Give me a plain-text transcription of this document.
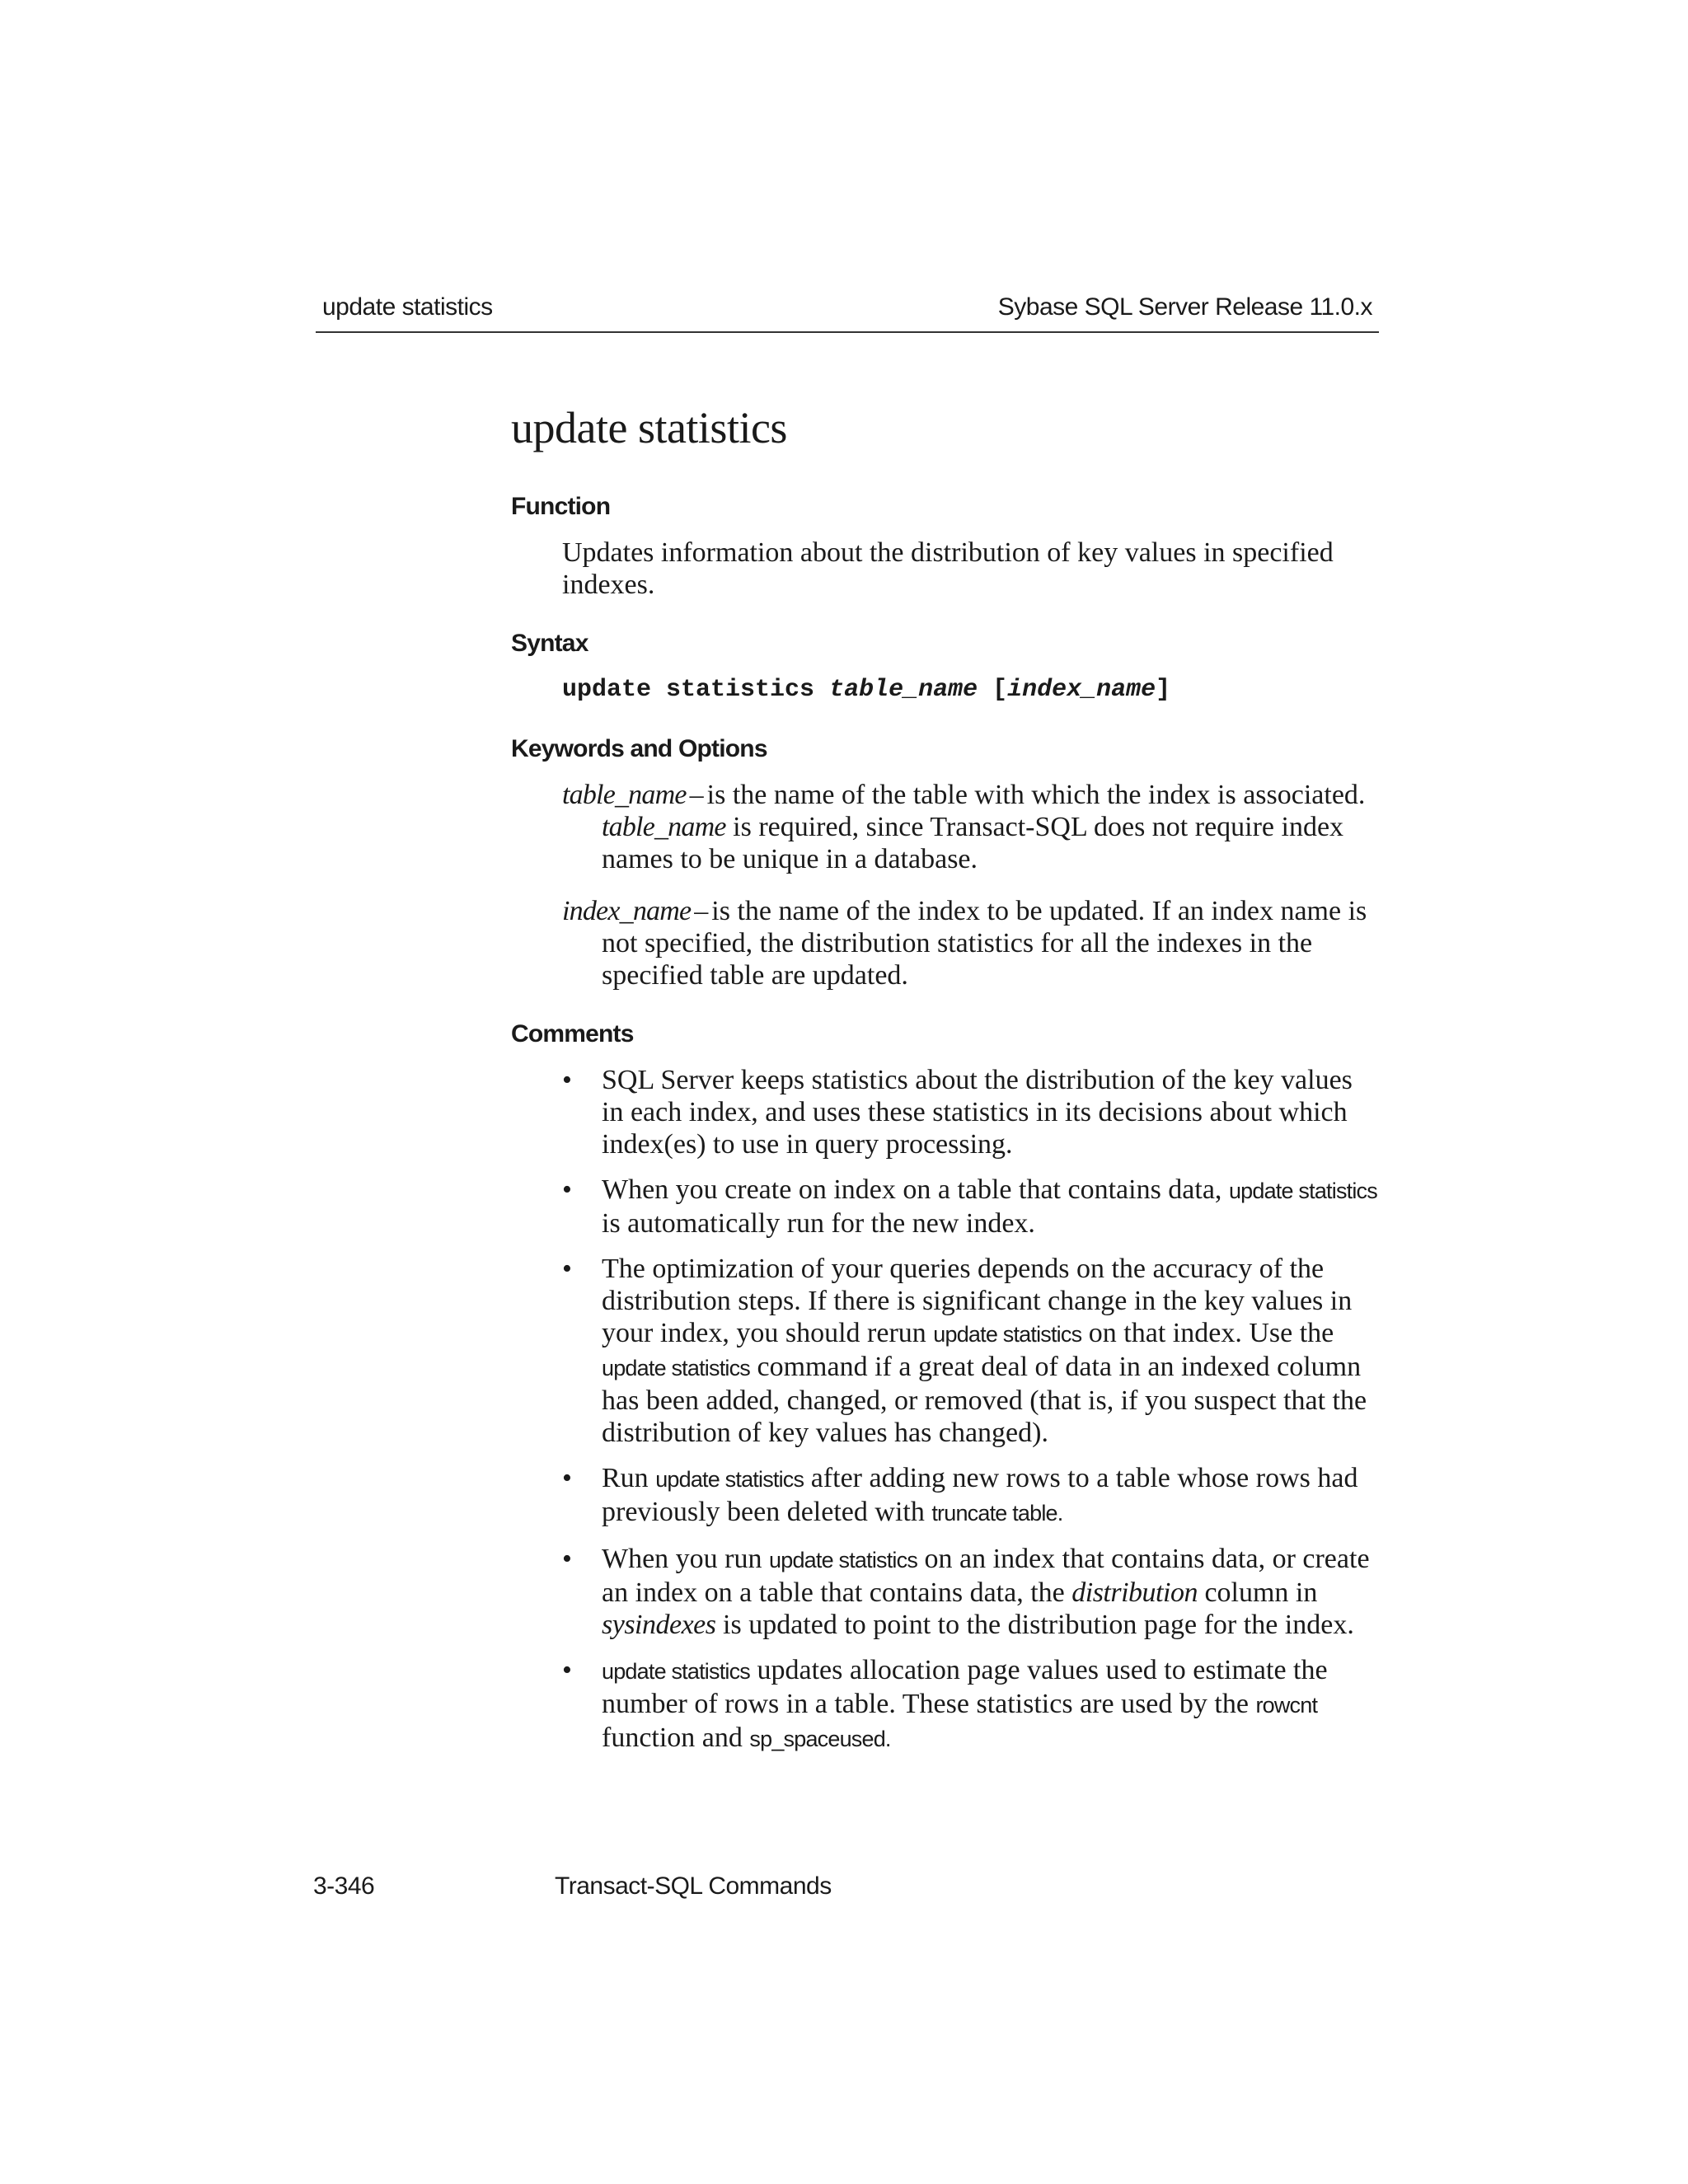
update statistics	Sybase SQL Server Release 11.0.x
update statistics
Function

Updates information about the distribution of key values in specified indexes.

Syntax
update statistics table_name [index_name]
Keywords and Options

table_name – is the name of the table with which the index is associated. table_name is required, since Transact-SQL does not require index names to be unique in a database.

index_name – is the name of the index to be updated. If an index name is not specified, the distribution statistics for all the indexes in the specified table are updated.

Comments
• SQL Server keeps statistics about the distribution of the key values in each index, and uses these statistics in its decisions about which index(es) to use in query processing.
• When you create on index on a table that contains data, update statistics is automatically run for the new index.
• The optimization of your queries depends on the accuracy of the distribution steps. If there is significant change in the key values in your index, you should rerun update statistics on that index. Use the update statistics command if a great deal of data in an indexed column has been added, changed, or removed (that is, if you suspect that the distribution of key values has changed).
• Run update statistics after adding new rows to a table whose rows had previously been deleted with truncate table.
• When you run update statistics on an index that contains data, or create an index on a table that contains data, the distribution column in sysindexes is updated to point to the distribution page for the index.
• update statistics updates allocation page values used to estimate the number of rows in a table. These statistics are used by the rowcnt function and sp_spaceused.
3-346	Transact-SQL Commands
